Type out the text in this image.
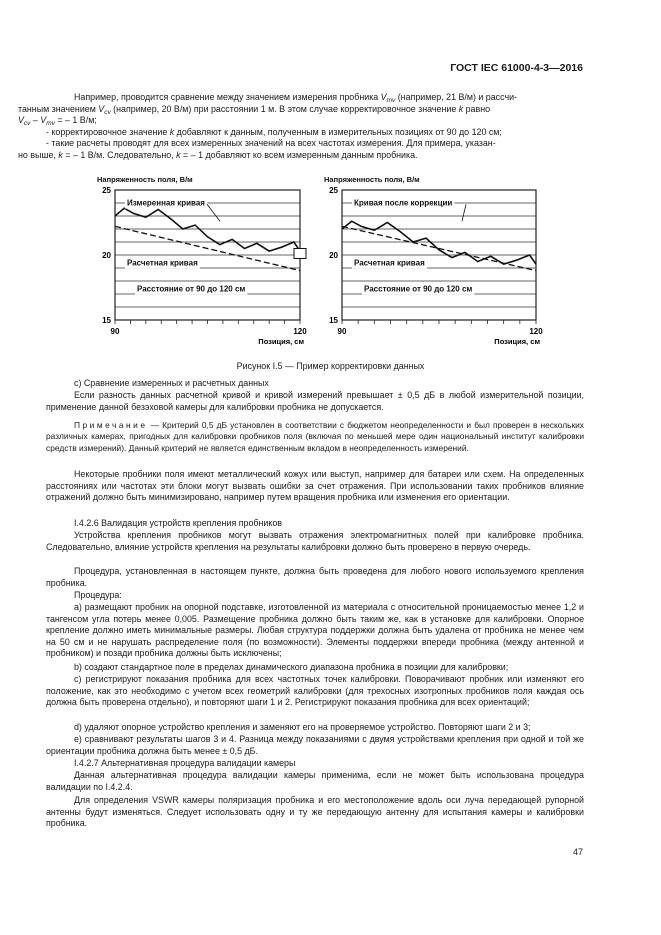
ГОСТ IEC 61000-4-3—2016

Например, проводится сравнение между значением измерения пробника $V_{mv}$ (например, 21 В/м) и рассчи-
танным значением $V_{cv}$ (например, 20 В/м) при расстоянии 1 м. В этом случае корректировочное значение k равно
$V_{cv} - V_{mv}$ = – 1 В/м;
- корректировочное значение k добавляют к данным, полученным в измерительных позициях от 90 до 120 см;
- такие расчеты проводят для всех измеренных значений на всех частотах измерения. Для примера, указан-
но выше, k = – 1 В/м. Следовательно, k = – 1 добавляют ко всем измеренным данным пробника.

Измеренная кривая
Расчетная кривая
Расстояние от 90 до 120 см
Напряженность поля, В/м
25
20
15
90	120
Позиция, см
Кривая после коррекции
Расчетная кривая
Расстояние от 90 до 120 см
Напряженность поля, В/м
25
20
15
90	120
Позиция, см
Рисунок I.5 — Пример корректировки данных
с) Сравнение измеренных и расчетных данных

Если разность данных расчетной кривой и кривой измерений превышает ± 0,5 дБ в любой измерительной позиции, применение данной безэховой камеры для калибровки пробника не допускается.

Примечание — Критерий 0,5 дБ установлен в соответствии с бюджетом неопределенности и был проверен в нескольких различных камерах, пригодных для калибровки пробников поля (включая по меньшей мере один национальный институт калибровки средств измерений). Данный критерий не является единственным вкладом в неопределенность измерений.

Некоторые пробники поля имеют металлический кожух или выступ, например для батареи или схем. На определенных расстояниях или частотах эти блоки могут вызвать ошибки за счет отражения. При использовании таких пробников влияние отражений должно быть минимизировано, например путем вращения пробника или изменения его ориентации.

I.4.2.6 Валидация устройств крепления пробников

Устройства крепления пробников могут вызвать отражения электромагнитных полей при калибровке пробника. Следовательно, влияние устройств крепления на результаты калибровки должно быть проверено в первую очередь.

Процедура, установленная в настоящем пункте, должна быть проведена для любого нового используемого крепления пробника.

Процедура:

а) размещают пробник на опорной подставке, изготовленной из материала с относительной проницаемостью менее 1,2 и тангенсом угла потерь менее 0,005. Размещение пробника должно быть таким же, как в установке для калибровки. Опорное крепление должно иметь минимальные размеры. Любая структура поддержки должна быть удалена от пробника не менее чем на 50 см и не нарушать распределение поля (по возможности). Элементы поддержки впереди пробника (между антенной и пробником) и позади пробника должны быть исключены;

b) создают стандартное поле в пределах динамического диапазона пробника в позиции для калибровки;

с) регистрируют показания пробника для всех частотных точек калибровки. Поворачивают пробник или изменяют его положение, как это необходимо с учетом всех геометрий калибровки (для трехосных изотропных пробников поля каждая ось должна быть проверена отдельно), и повторяют шаги 1 и 2. Регистрируют показания пробника для всех ориентаций;

d) удаляют опорное устройство крепления и заменяют его на проверяемое устройство. Повторяют шаги 2 и 3;

е) сравнивают результаты шагов 3 и 4. Разница между показаниями с двумя устройствами крепления при одной и той же ориентации пробника должна быть менее ± 0,5 дБ.

I.4.2.7 Альтернативная процедура валидации камеры

Данная альтернативная процедура валидации камеры применима, если не может быть использована процедура валидации по I.4.2.4.

Для определения VSWR камеры поляризация пробника и его местоположение вдоль оси луча передающей рупорной антенны будут изменяться. Следует использовать одну и ту же передающую антенну для испытания камеры и калибровки пробника.

47
